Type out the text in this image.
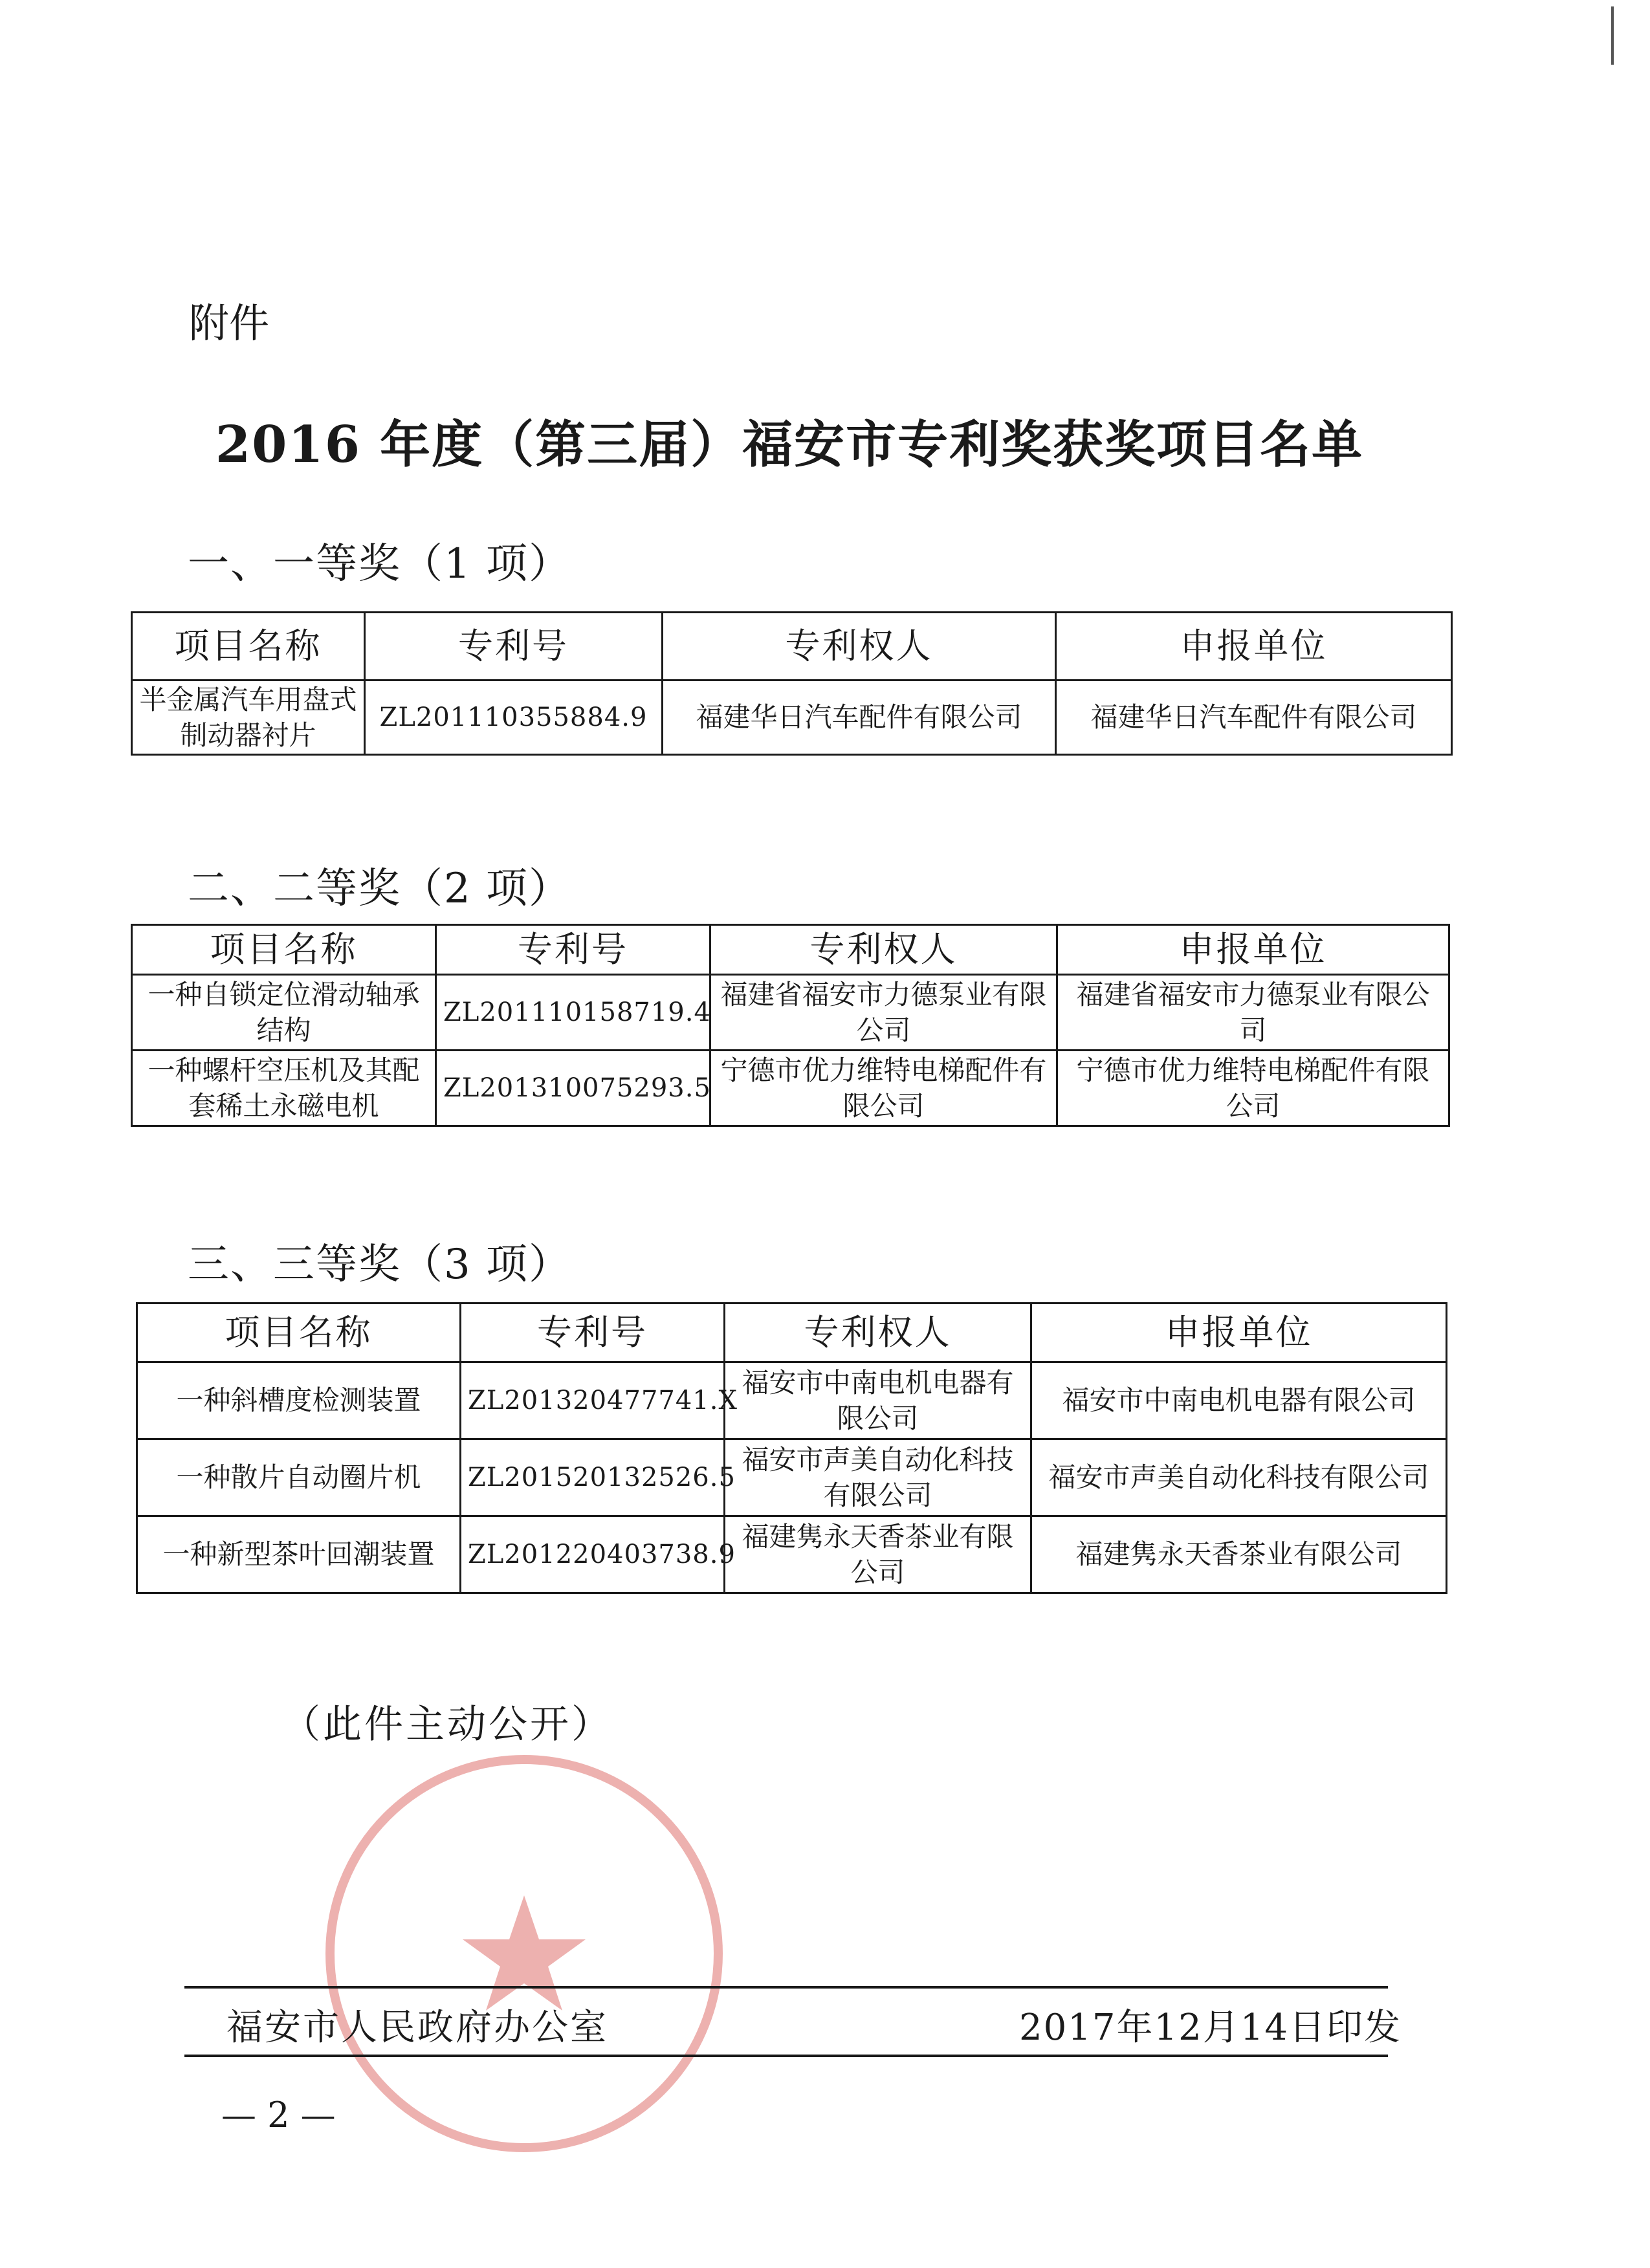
附件
2016 年度（第三届）福安市专利奖获奖项目名单
一、一等奖（1 项）
项目名称	专利号	专利权人	申报单位
半金属汽车用盘式制动器衬片	ZL201110355884.9	福建华日汽车配件有限公司	福建华日汽车配件有限公司
二、二等奖（2 项）
项目名称	专利号	专利权人	申报单位
一种自锁定位滑动轴承结构	ZL201110158719.4	福建省福安市力德泵业有限公司	福建省福安市力德泵业有限公司
一种螺杆空压机及其配套稀土永磁电机	ZL201310075293.5	宁德市优力维特电梯配件有限公司	宁德市优力维特电梯配件有限公司
三、三等奖（3 项）
项目名称	专利号	专利权人	申报单位
一种斜槽度检测装置	ZL201320477741.X	福安市中南电机电器有限公司	福安市中南电机电器有限公司
一种散片自动圈片机	ZL201520132526.5	福安市声美自动化科技有限公司	福安市声美自动化科技有限公司
一种新型茶叶回潮装置	ZL201220403738.9	福建隽永天香茶业有限公司	福建隽永天香茶业有限公司
（此件主动公开）
福安市人民政府办公室	2017年12月14日印发
— 2 —
